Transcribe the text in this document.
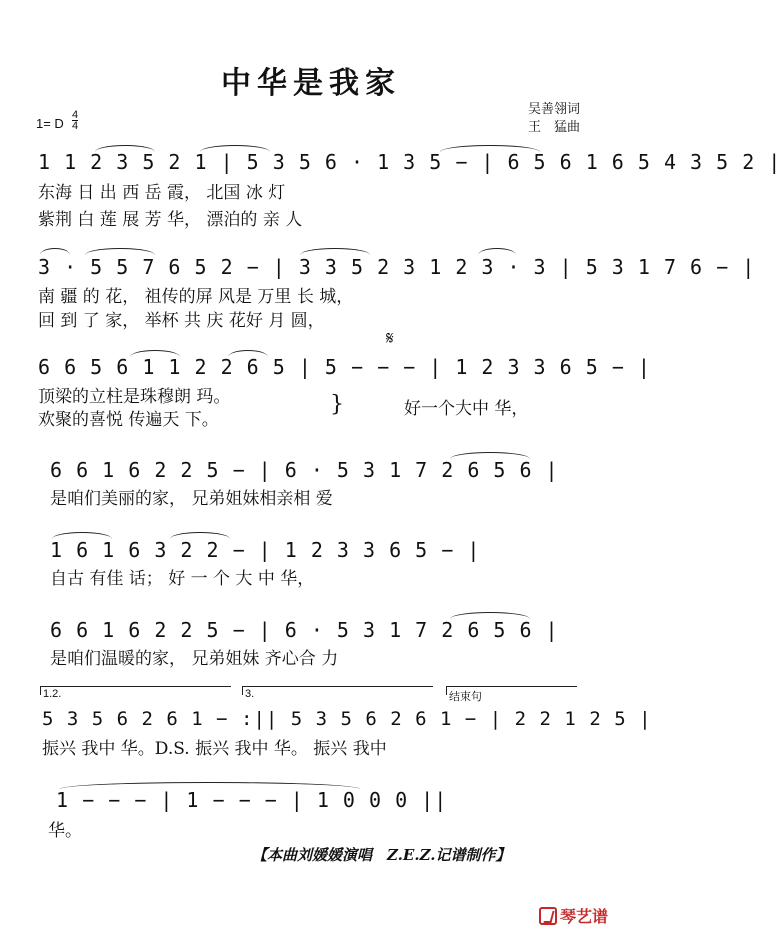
中华是我家
吴善翎词
王　猛曲
1= D
4
4
1 1 2 3 5 2 1 | 5 3 5 6 · 1 3 5 − | 6 5 6 1 6 5 4 3 5 2 |
东海 日 出 西 岳 霞， 北国 冰 灯
紫荆 白 莲 展 芳 华， 漂泊的 亲 人
3 · 5 5 7 6 5 2 − | 3 3 5 2 3 1 2 3 · 3 | 5 3 1 7 6 − |
南 疆 的 花， 祖传的屏 风是 万里 长 城，
回 到 了 家， 举杯 共 庆 花好 月 圆，
6 6 5 6 1 1 2 2 6 5 | 5 − − − | 1 2 3 3 6 5 − |
顶梁的立柱是珠穆朗 玛。
欢聚的喜悦 传遍天 下。
好一个大中 华，
𝄋
}
6 6 1 6 2 2 5 − | 6 · 5 3 1 7 2 6 5 6 |
是咱们美丽的家， 兄弟姐妹相亲相 爱
1 6 1 6 3 2 2 − | 1 2 3 3 6 5 − |
自古 有佳 话； 好 一 个 大 中 华，
6 6 1 6 2 2 5 − | 6 · 5 3 1 7 2 6 5 6 |
是咱们温暖的家， 兄弟姐妹 齐心合 力
1.2.	3.	结束句
5 3 5 6 2 6 1 − :|| 5 3 5 6 2 6 1 − | 2 2 1 2 5 |
振兴 我中 华。D.S. 振兴 我中 华。 振兴 我中
1 − − − | 1 − − − | 1 0 0 0 ||
华。
【本曲刘媛媛演唱　Z.E.Z.记谱制作】
琴艺谱
